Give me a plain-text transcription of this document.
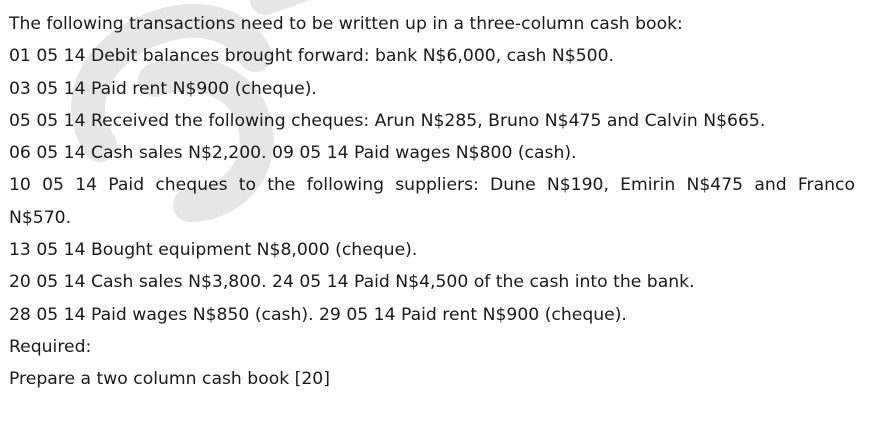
The following transactions need to be written up in a three-column cash book:
01 05 14 Debit balances brought forward: bank N$6,000, cash N$500.
03 05 14 Paid rent N$900 (cheque).
05 05 14 Received the following cheques: Arun N$285, Bruno N$475 and Calvin N$665.
06 05 14 Cash sales N$2,200. 09 05 14 Paid wages N$800 (cash).
10 05 14 Paid cheques to the following suppliers: Dune N$190, Emirin N$475 and Franco
N$570.
13 05 14 Bought equipment N$8,000 (cheque).
20 05 14 Cash sales N$3,800. 24 05 14 Paid N$4,500 of the cash into the bank.
28 05 14 Paid wages N$850 (cash). 29 05 14 Paid rent N$900 (cheque).
Required:
Prepare a two column cash book [20]
